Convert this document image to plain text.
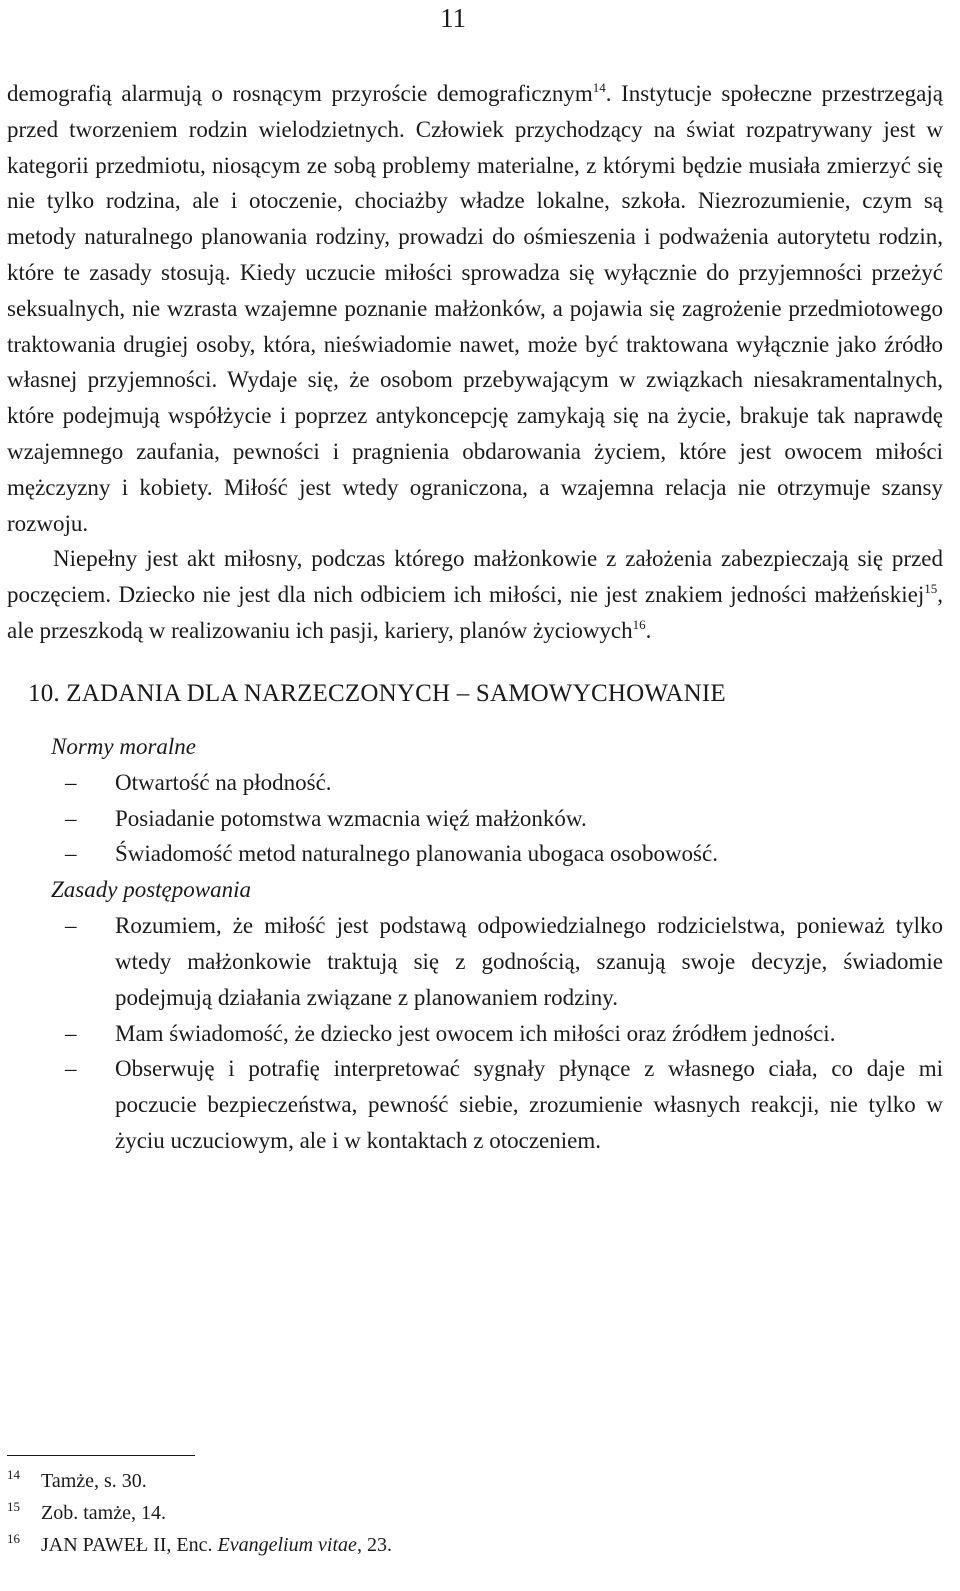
11

demografią alarmują o rosnącym przyroście demograficznym$^{14}$. Instytucje społeczne przestrzegają przed tworzeniem rodzin wielodzietnych. Człowiek przychodzący na świat rozpatrywany jest w kategorii przedmiotu, niosącym ze sobą problemy materialne, z którymi będzie musiała zmierzyć się nie tylko rodzina, ale i otoczenie, chociażby władze lokalne, szkoła. Niezrozumienie, czym są metody naturalnego planowania rodziny, prowadzi do ośmieszenia i podważenia autorytetu rodzin, które te zasady stosują. Kiedy uczucie miłości sprowadza się wyłącznie do przyjemności przeżyć seksualnych, nie wzrasta wzajemne poznanie małżonków, a pojawia się zagrożenie przedmiotowego traktowania drugiej osoby, która, nieświadomie nawet, może być traktowana wyłącznie jako źródło własnej przyjemności. Wydaje się, że osobom przebywającym w związkach niesakramentalnych, które podejmują współżycie i poprzez antykoncepcję zamykają się na życie, brakuje tak naprawdę wzajemnego zaufania, pewności i pragnienia obdarowania życiem, które jest owocem miłości mężczyzny i kobiety. Miłość jest wtedy ograniczona, a wzajemna relacja nie otrzymuje szansy rozwoju.

Niepełny jest akt miłosny, podczas którego małżonkowie z założenia zabezpieczają się przed poczęciem. Dziecko nie jest dla nich odbiciem ich miłości, nie jest znakiem jedności małżeńskiej$^{15}$, ale przeszkodą w realizowaniu ich pasji, kariery, planów życiowych$^{16}$.

10. ZADANIA DLA NARZECZONYCH – SAMOWYCHOWANIE
Normy moralne
–	Otwartość na płodność.
–	Posiadanie potomstwa wzmacnia więź małżonków.
–	Świadomość metod naturalnego planowania ubogaca osobowość.
Zasady postępowania
–	Rozumiem, że miłość jest podstawą odpowiedzialnego rodzicielstwa, ponieważ tylko wtedy małżonkowie traktują się z godnością, szanują swoje decyzje, świadomie podejmują działania związane z planowaniem rodziny.
–	Mam świadomość, że dziecko jest owocem ich miłości oraz źródłem jedności.
–	Obserwuję i potrafię interpretować sygnały płynące z własnego ciała, co daje mi poczucie bezpieczeństwa, pewność siebie, zrozumienie własnych reakcji, nie tylko w życiu uczuciowym, ale i w kontaktach z otoczeniem.
14	Tamże, s. 30.
15	Zob. tamże, 14.
16	JAN PAWEŁ II, Enc. Evangelium vitae, 23.
